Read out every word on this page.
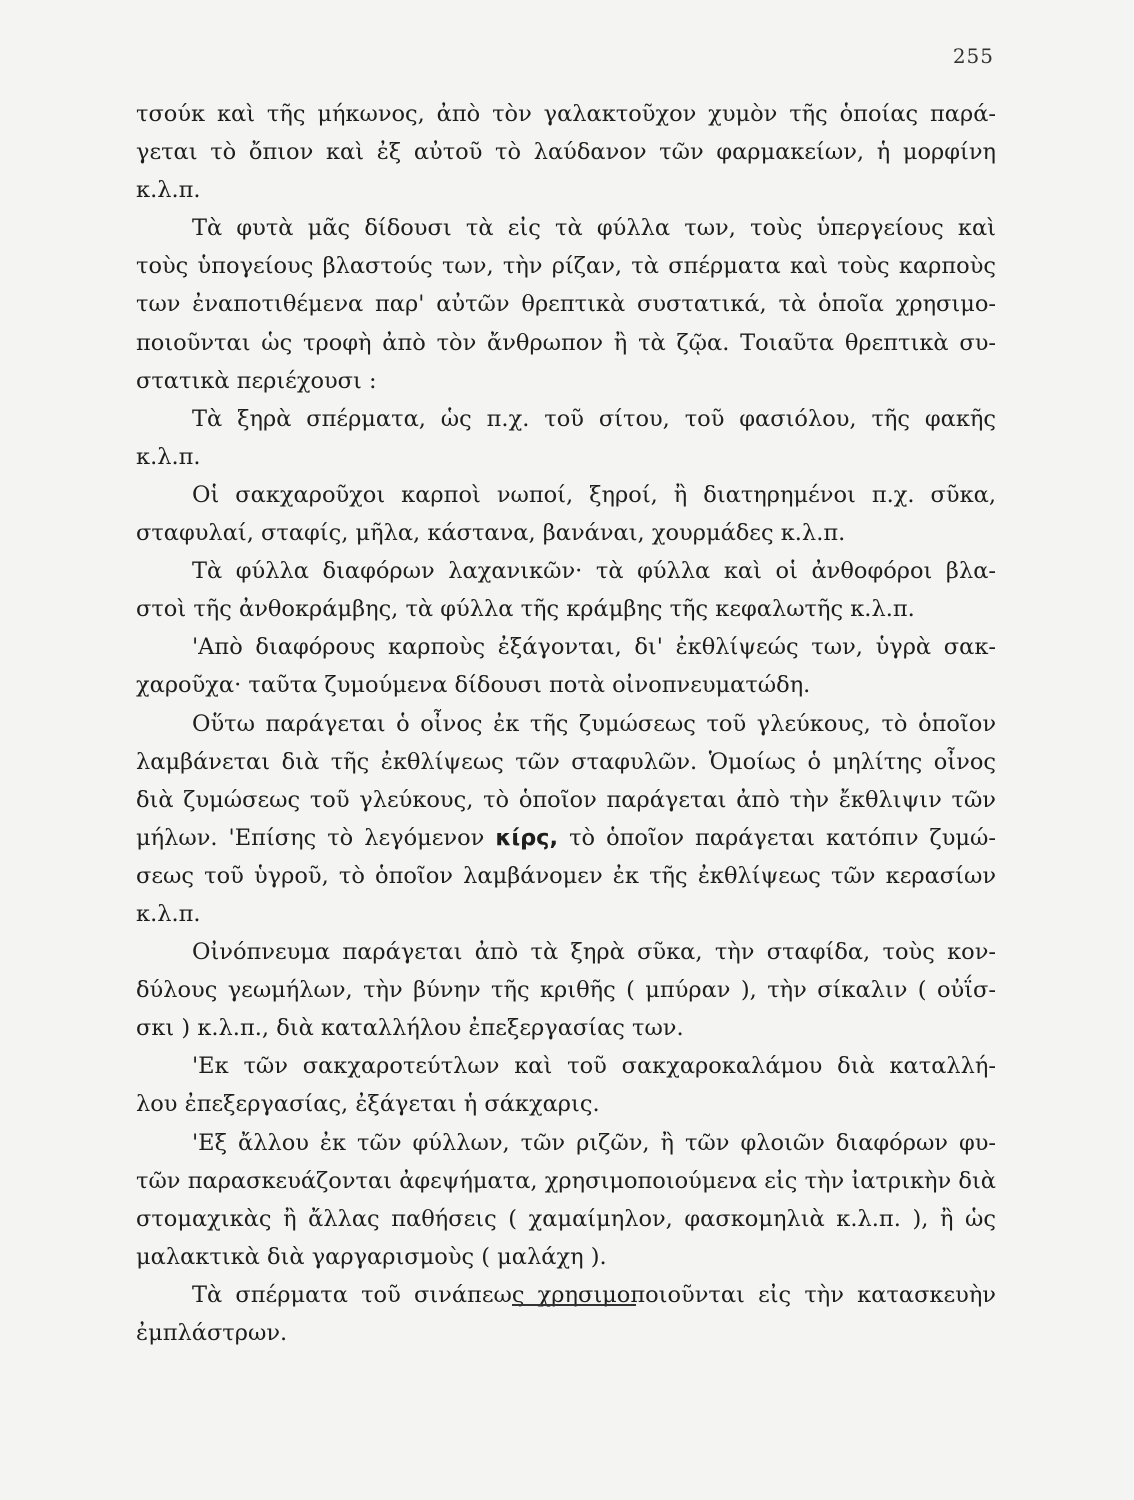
255
τσούκ καὶ τῆς μήκωνος, ἀπὸ τὸν γαλακτοῦχον χυμὸν τῆς ὁποίας παρά-
γεται τὸ ὄπιον καὶ ἐξ αὐτοῦ τὸ λαύδανον τῶν φαρμακείων, ἡ μορφίνη
κ.λ.π.
Τὰ φυτὰ μᾶς δίδουσι τὰ εἰς τὰ φύλλα των, τοὺς ὑπεργείους καὶ
τοὺς ὑπογείους βλαστούς των, τὴν ρίζαν, τὰ σπέρματα καὶ τοὺς καρποὺς
των ἐναποτιθέμενα παρ' αὐτῶν θρεπτικὰ συστατικά, τὰ ὁποῖα χρησιμο-
ποιοῦνται ὡς τροφὴ ἀπὸ τὸν ἄνθρωπον ἢ τὰ ζῷα. Τοιαῦτα θρεπτικὰ συ-
στατικὰ περιέχουσι :
Τὰ ξηρὰ σπέρματα, ὡς π.χ. τοῦ σίτου, τοῦ φασιόλου, τῆς φακῆς
κ.λ.π.
Οἱ σακχαροῦχοι καρποὶ νωποί, ξηροί, ἢ διατηρημένοι π.χ. σῦκα,
σταφυλαί, σταφίς, μῆλα, κάστανα, βανάναι, χουρμάδες κ.λ.π.
Τὰ φύλλα διαφόρων λαχανικῶν· τὰ φύλλα καὶ οἱ ἀνθοφόροι βλα-
στοὶ τῆς ἀνθοκράμβης, τὰ φύλλα τῆς κράμβης τῆς κεφαλωτῆς κ.λ.π.
'Απὸ διαφόρους καρποὺς ἐξάγονται, δι' ἐκθλίψεώς των, ὑγρὰ σακ-
χαροῦχα· ταῦτα ζυμούμενα δίδουσι ποτὰ οἰνοπνευματώδη.
Οὕτω παράγεται ὁ οἶνος ἐκ τῆς ζυμώσεως τοῦ γλεύκους, τὸ ὁποῖον
λαμβάνεται διὰ τῆς ἐκθλίψεως τῶν σταφυλῶν. Ὁμοίως ὁ μηλίτης οἶνος
διὰ ζυμώσεως τοῦ γλεύκους, τὸ ὁποῖον παράγεται ἀπὸ τὴν ἔκθλιψιν τῶν
μήλων. 'Επίσης τὸ λεγόμενον κίρς, τὸ ὁποῖον παράγεται κατόπιν ζυμώ-
σεως τοῦ ὑγροῦ, τὸ ὁποῖον λαμβάνομεν ἐκ τῆς ἐκθλίψεως τῶν κερασίων
κ.λ.π.
Οἰνόπνευμα παράγεται ἀπὸ τὰ ξηρὰ σῦκα, τὴν σταφίδα, τοὺς κον-
δύλους γεωμήλων, τὴν βύνην τῆς κριθῆς ( μπύραν ), τὴν σίκαλιν ( οὐΐσ-
σκι ) κ.λ.π., διὰ καταλλήλου ἐπεξεργασίας των.
'Εκ τῶν σακχαροτεύτλων καὶ τοῦ σακχαροκαλάμου διὰ καταλλή-
λου ἐπεξεργασίας, ἐξάγεται ἡ σάκχαρις.
'Εξ ἄλλου ἐκ τῶν φύλλων, τῶν ριζῶν, ἢ τῶν φλοιῶν διαφόρων φυ-
τῶν παρασκευάζονται ἀφεψήματα, χρησιμοποιούμενα εἰς τὴν ἰατρικὴν διὰ
στομαχικὰς ἢ ἄλλας παθήσεις ( χαμαίμηλον, φασκομηλιὰ κ.λ.π. ), ἢ ὡς
μαλακτικὰ διὰ γαργαρισμοὺς ( μαλάχη ).
Τὰ σπέρματα τοῦ σινάπεως χρησιμοποιοῦνται εἰς τὴν κατασκευὴν
ἐμπλάστρων.
